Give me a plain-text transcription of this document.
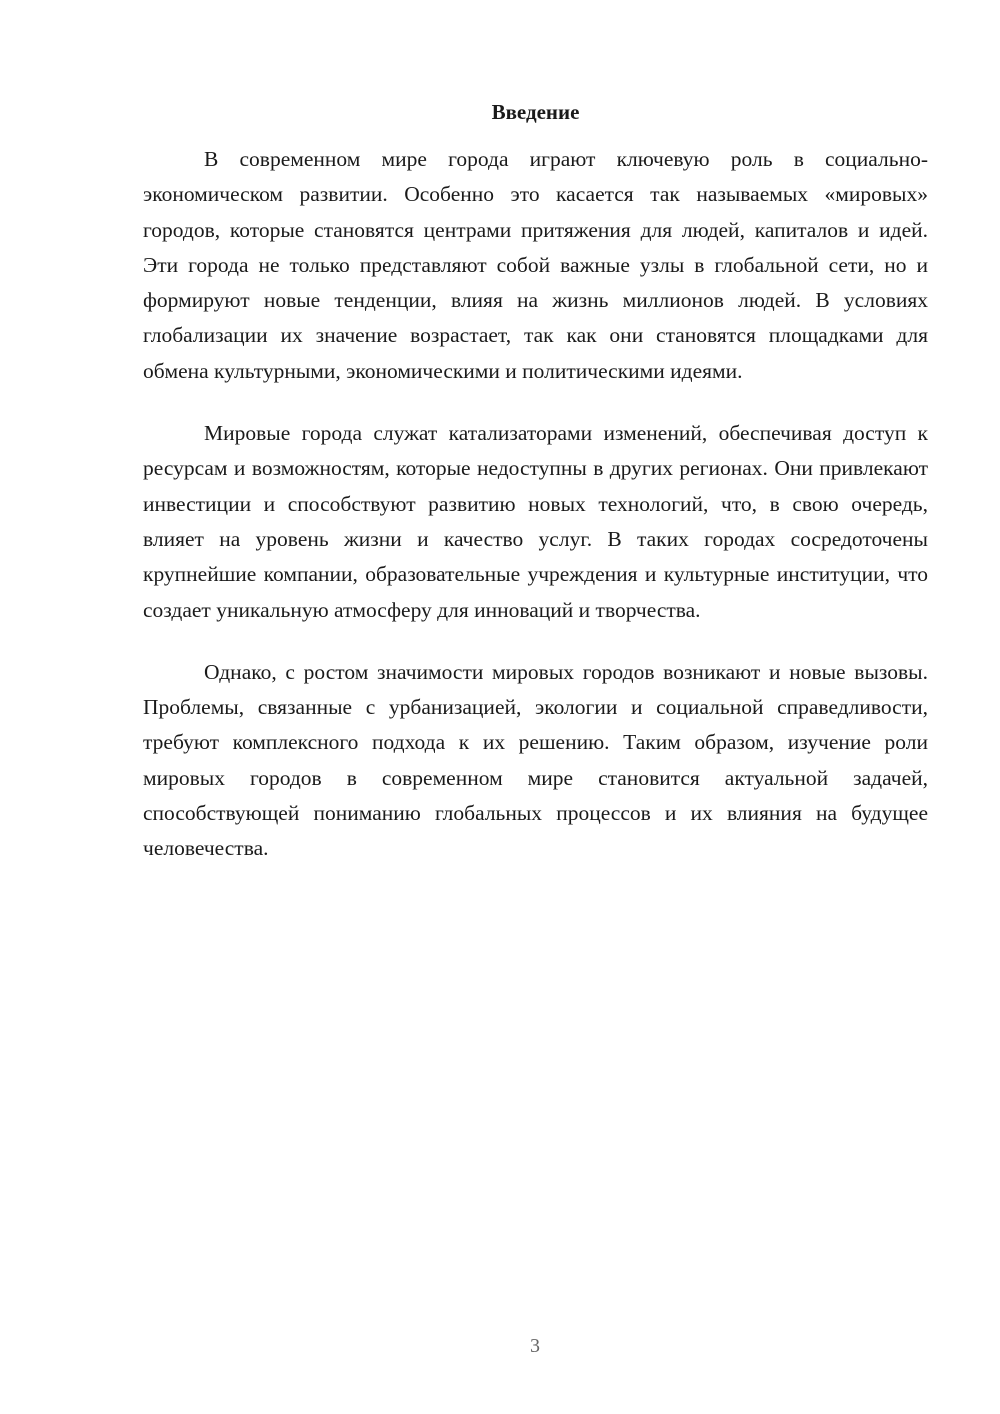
Введение

В современном мире города играют ключевую роль в социально-экономическом развитии. Особенно это касается так называемых «мировых» городов, которые становятся центрами притяжения для людей, капиталов и идей. Эти города не только представляют собой важные узлы в глобальной сети, но и формируют новые тенденции, влияя на жизнь миллионов людей. В условиях глобализации их значение возрастает, так как они становятся площадками для обмена культурными, экономическими и политическими идеями.

Мировые города служат катализаторами изменений, обеспечивая доступ к ресурсам и возможностям, которые недоступны в других регионах. Они привлекают инвестиции и способствуют развитию новых технологий, что, в свою очередь, влияет на уровень жизни и качество услуг. В таких городах сосредоточены крупнейшие компании, образовательные учреждения и культурные институции, что создает уникальную атмосферу для инноваций и творчества.

Однако, с ростом значимости мировых городов возникают и новые вызовы. Проблемы, связанные с урбанизацией, экологии и социальной справедливости, требуют комплексного подхода к их решению. Таким образом, изучение роли мировых городов в современном мире становится актуальной задачей, способствующей пониманию глобальных процессов и их влияния на будущее человечества.

3
